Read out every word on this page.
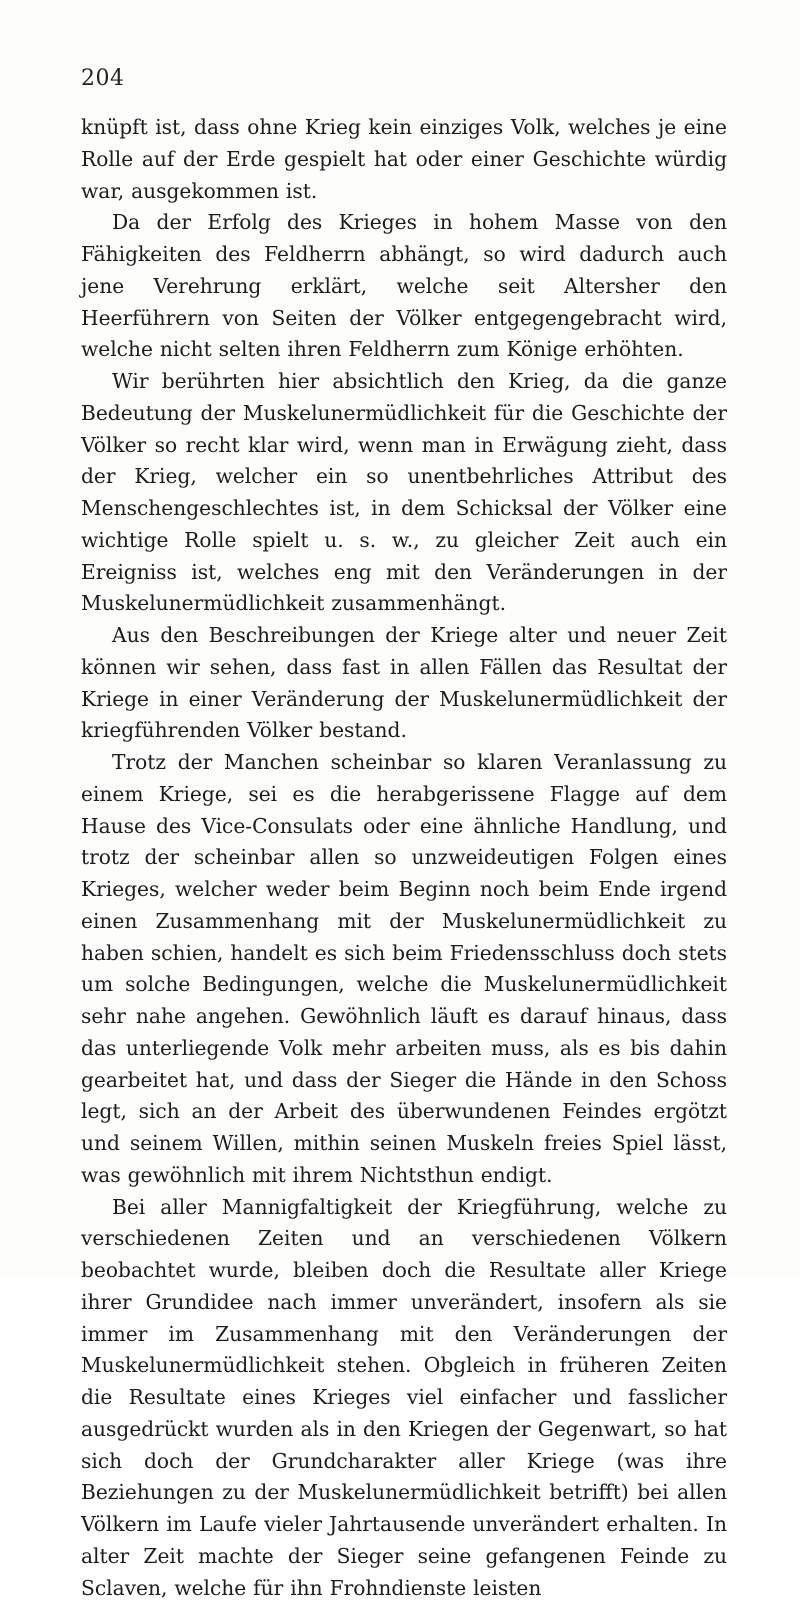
204

knüpft ist, dass ohne Krieg kein einziges Volk, welches je eine Rolle auf der Erde gespielt hat oder einer Geschichte würdig war, ausgekommen ist.

Da der Erfolg des Krieges in hohem Masse von den Fähigkeiten des Feldherrn abhängt, so wird dadurch auch jene Verehrung erklärt, welche seit Altersher den Heerführern von Seiten der Völker entgegengebracht wird, welche nicht selten ihren Feldherrn zum Könige erhöhten.

Wir berührten hier absichtlich den Krieg, da die ganze Bedeutung der Muskelunermüdlichkeit für die Geschichte der Völker so recht klar wird, wenn man in Erwägung zieht, dass der Krieg, welcher ein so unentbehrliches Attribut des Menschengeschlechtes ist, in dem Schicksal der Völker eine wichtige Rolle spielt u. s. w., zu gleicher Zeit auch ein Ereigniss ist, welches eng mit den Veränderungen in der Muskelunermüdlichkeit zusammenhängt.

Aus den Beschreibungen der Kriege alter und neuer Zeit können wir sehen, dass fast in allen Fällen das Resultat der Kriege in einer Veränderung der Muskelunermüdlichkeit der kriegführenden Völker bestand.

Trotz der Manchen scheinbar so klaren Veranlassung zu einem Kriege, sei es die herabgerissene Flagge auf dem Hause des Vice-Consulats oder eine ähnliche Handlung, und trotz der scheinbar allen so unzweideutigen Folgen eines Krieges, welcher weder beim Beginn noch beim Ende irgend einen Zusammenhang mit der Muskelunermüdlichkeit zu haben schien, handelt es sich beim Friedensschluss doch stets um solche Bedingungen, welche die Muskelunermüdlichkeit sehr nahe angehen. Gewöhnlich läuft es darauf hinaus, dass das unterliegende Volk mehr arbeiten muss, als es bis dahin gearbeitet hat, und dass der Sieger die Hände in den Schoss legt, sich an der Arbeit des überwundenen Feindes ergötzt und seinem Willen, mithin seinen Muskeln freies Spiel lässt, was gewöhnlich mit ihrem Nichtsthun endigt.

Bei aller Mannigfaltigkeit der Kriegführung, welche zu verschiedenen Zeiten und an verschiedenen Völkern beobachtet wurde, bleiben doch die Resultate aller Kriege ihrer Grundidee nach immer unverändert, insofern als sie immer im Zusammenhang mit den Veränderungen der Muskelunermüdlichkeit stehen. Obgleich in früheren Zeiten die Resultate eines Krieges viel einfacher und fasslicher ausgedrückt wurden als in den Kriegen der Gegenwart, so hat sich doch der Grundcharakter aller Kriege (was ihre Beziehungen zu der Muskelunermüdlichkeit betrifft) bei allen Völkern im Laufe vieler Jahrtausende unverändert erhalten. In alter Zeit machte der Sieger seine gefangenen Feinde zu Sclaven, welche für ihn Frohndienste leisten
